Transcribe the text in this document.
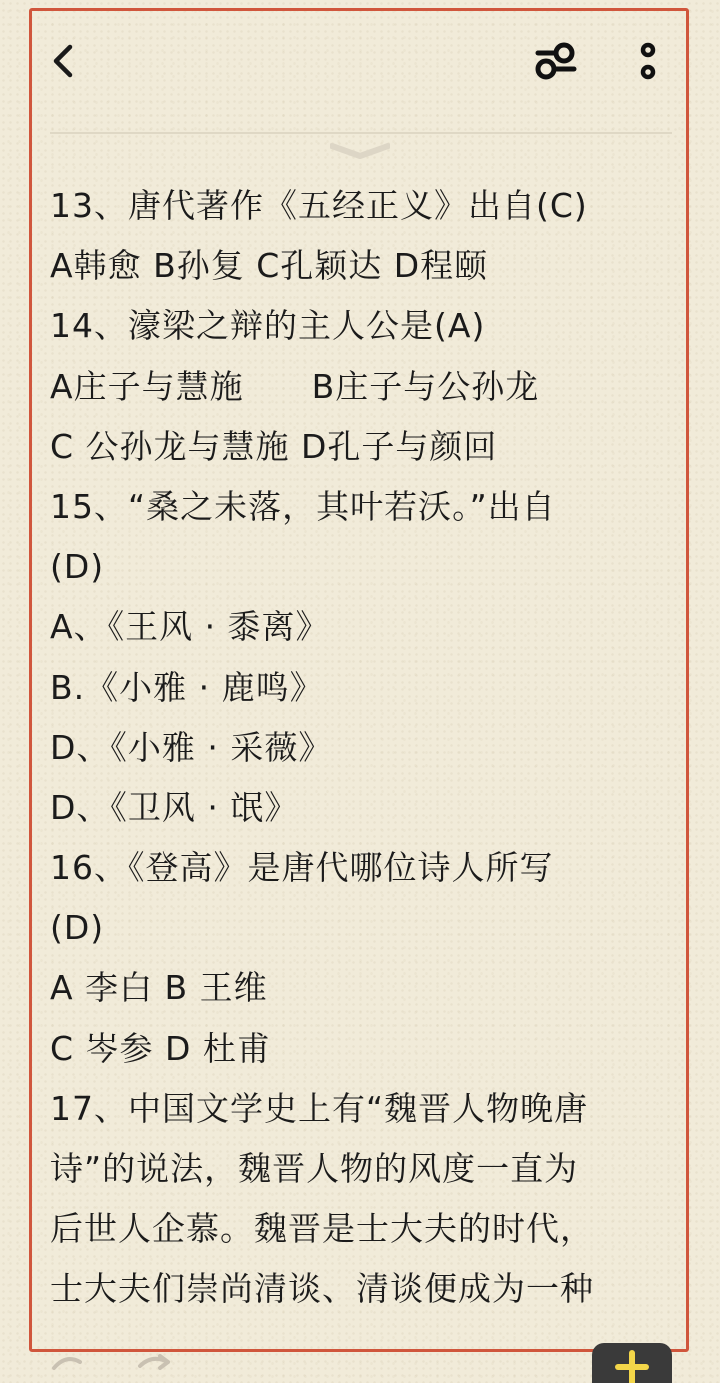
13、唐代著作《五经正义》出自(C)
A韩愈 B孙复 C孔颖达 D程颐
14、濠梁之辩的主人公是(A)
A庄子与慧施　　B庄子与公孙龙
C 公孙龙与慧施 D孔子与颜回
15、“桑之未落，其叶若沃。”出自
(D)
A、《王风 · 黍离》
B.《小雅 · 鹿鸣》
D、《小雅 · 采薇》
D、《卫风 · 氓》
16、《登高》是唐代哪位诗人所写
(D)
A 李白 B 王维
C 岑参 D 杜甫
17、中国文学史上有“魏晋人物晚唐
诗”的说法，魏晋人物的风度一直为
后世人企慕。魏晋是士大夫的时代，
士大夫们崇尚清谈、清谈便成为一种
